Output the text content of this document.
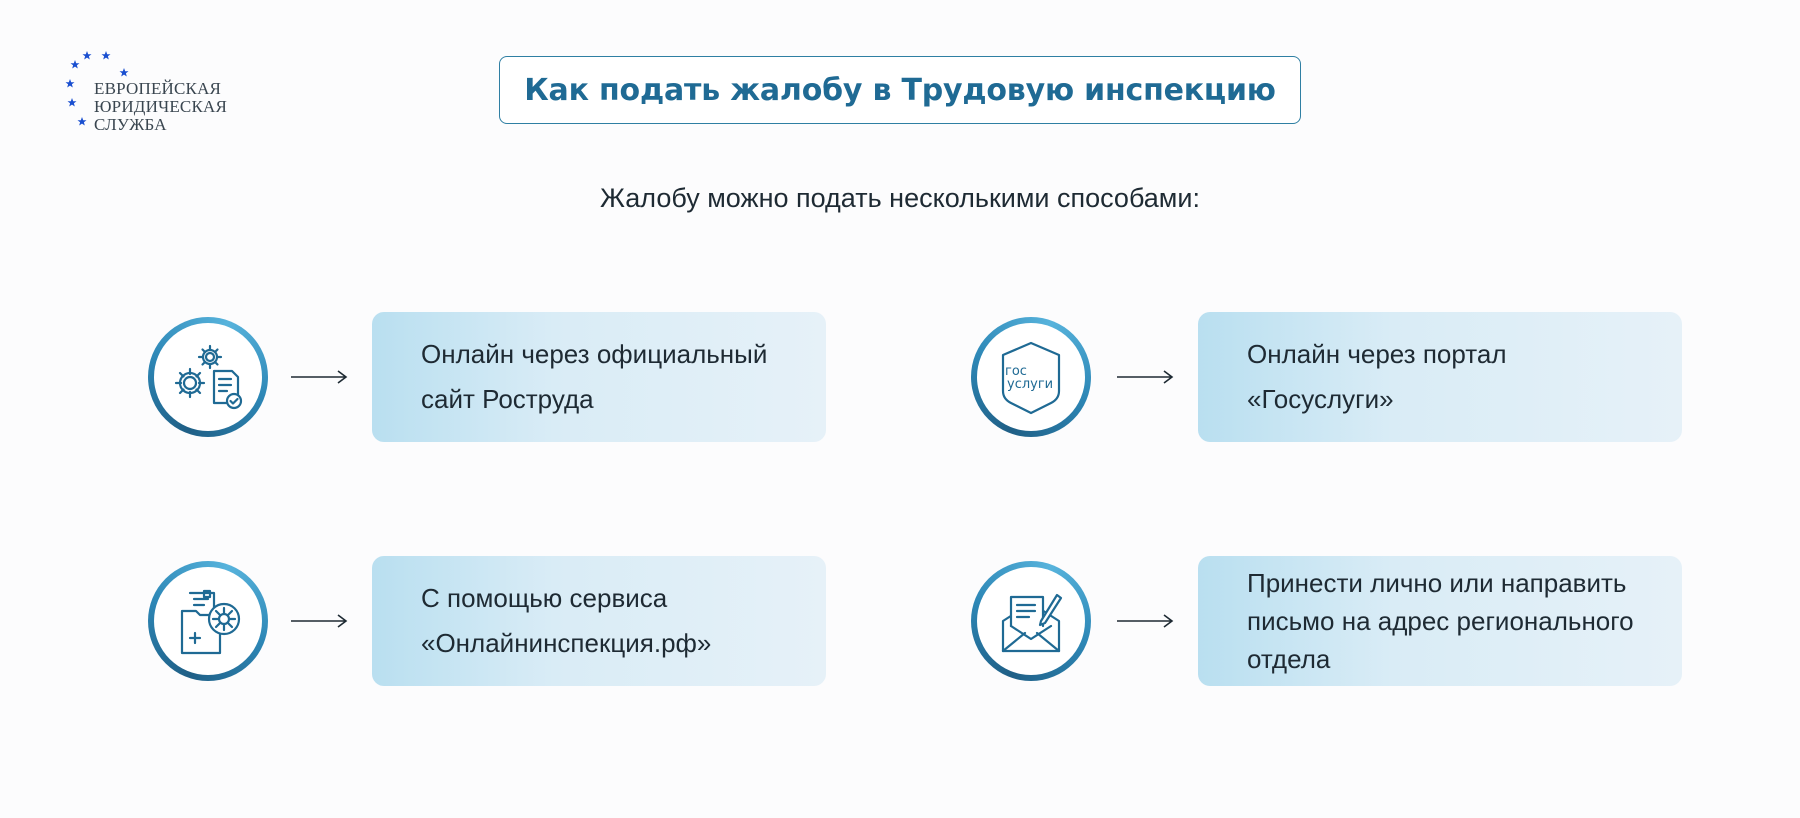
ЕВРОПЕЙСКАЯ
ЮРИДИЧЕСКАЯ
СЛУЖБА
Как подать жалобу в Трудовую инспекцию
Жалобу можно подать несколькими способами:
Онлайн через официальный
сайт Роструда
гос
услуги
Онлайн через портал
«Госуслуги»
С помощью сервиса
«Онлайнинспекция.рф»
Принести лично или направить
письмо на адрес регионального
отдела
